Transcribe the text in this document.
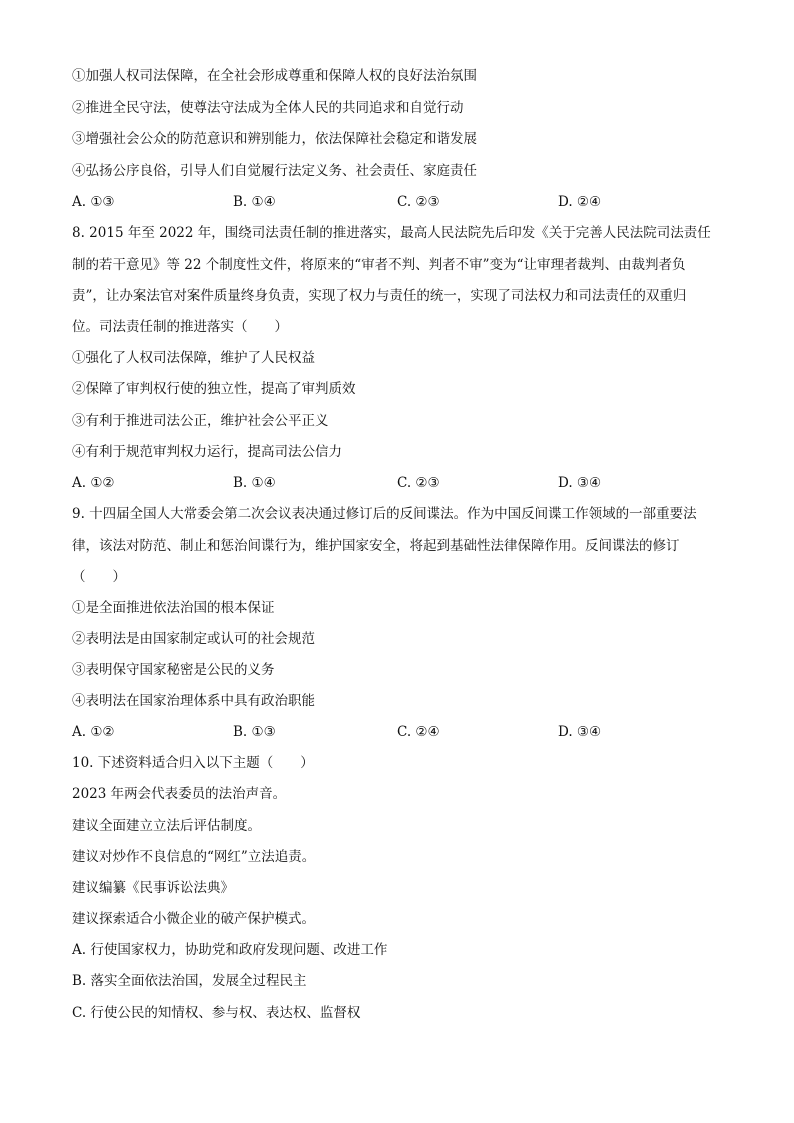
①加强人权司法保障，在全社会形成尊重和保障人权的良好法治氛围
②推进全民守法，使尊法守法成为全体人民的共同追求和自觉行动
③增强社会公众的防范意识和辨别能力，依法保障社会稳定和谐发展
④弘扬公序良俗，引导人们自觉履行法定义务、社会责任、家庭责任
A. ①③	B. ①④	C. ②③	D. ②④
8. 2015 年至 2022 年，围绕司法责任制的推进落实，最高人民法院先后印发《关于完善人民法院司法责任
制的若干意见》等 22 个制度性文件，将原来的“审者不判、判者不审”变为“让审理者裁判、由裁判者负
责”，让办案法官对案件质量终身负责，实现了权力与责任的统一，实现了司法权力和司法责任的双重归
位。司法责任制的推进落实（　　）
①强化了人权司法保障，维护了人民权益
②保障了审判权行使的独立性，提高了审判质效
③有利于推进司法公正，维护社会公平正义
④有利于规范审判权力运行，提高司法公信力
A. ①②	B. ①④	C. ②③	D. ③④
9. 十四届全国人大常委会第二次会议表决通过修订后的反间谍法。作为中国反间谍工作领域的一部重要法
律，该法对防范、制止和惩治间谍行为，维护国家安全，将起到基础性法律保障作用。反间谍法的修订
（　　）
①是全面推进依法治国的根本保证
②表明法是由国家制定或认可的社会规范
③表明保守国家秘密是公民的义务
④表明法在国家治理体系中具有政治职能
A. ①②	B. ①③	C. ②④	D. ③④
10. 下述资料适合归入以下主题（　　）
2023 年两会代表委员的法治声音。
建议全面建立立法后评估制度。
建议对炒作不良信息的“网红”立法追责。
建议编纂《民事诉讼法典》
建议探索适合小微企业的破产保护模式。
A. 行使国家权力，协助党和政府发现问题、改进工作
B. 落实全面依法治国，发展全过程民主
C. 行使公民的知情权、参与权、表达权、监督权
